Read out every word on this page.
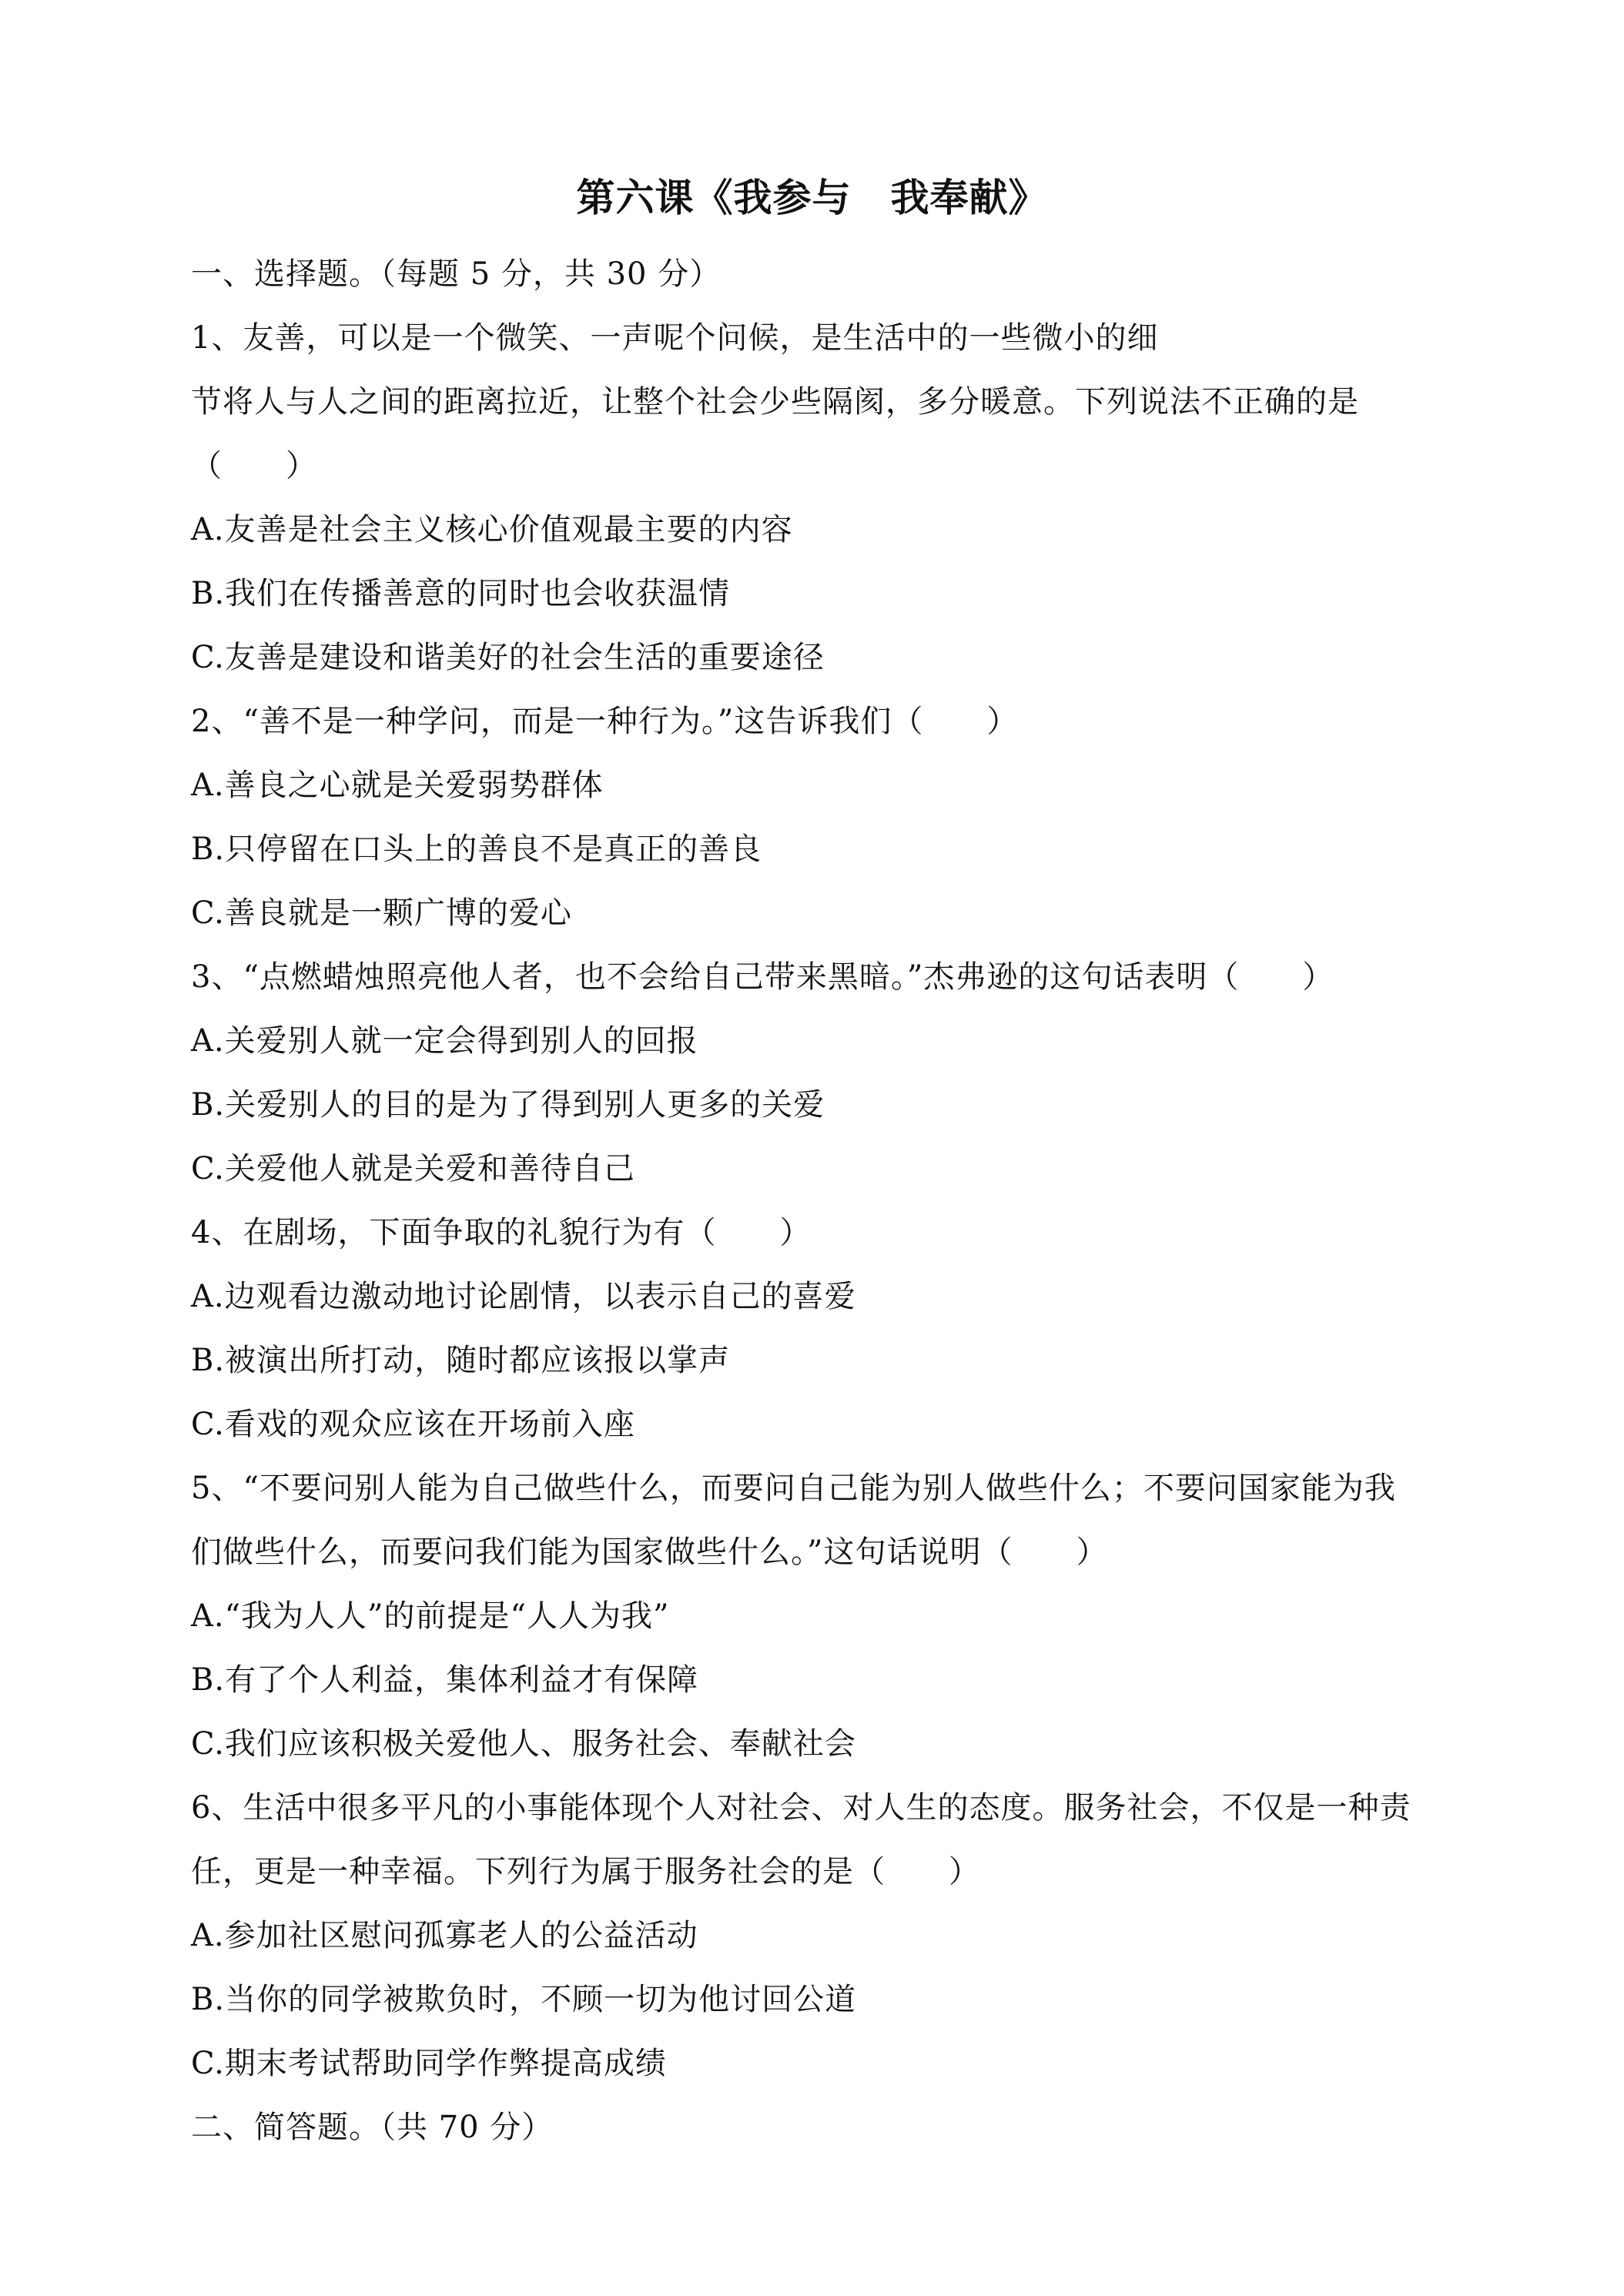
第六课《我参与　我奉献》
一、选择题。（每题 5 分，共 30 分）
1、友善，可以是一个微笑、一声呢个问候，是生活中的一些微小的细
节将人与人之间的距离拉近，让整个社会少些隔阂，多分暖意。下列说法不正确的是
（　　）
A.友善是社会主义核心价值观最主要的内容
B.我们在传播善意的同时也会收获温情
C.友善是建设和谐美好的社会生活的重要途径
2、“善不是一种学问，而是一种行为。”这告诉我们（　　）
A.善良之心就是关爱弱势群体
B.只停留在口头上的善良不是真正的善良
C.善良就是一颗广博的爱心
3、“点燃蜡烛照亮他人者，也不会给自己带来黑暗。”杰弗逊的这句话表明（　　）
A.关爱别人就一定会得到别人的回报
B.关爱别人的目的是为了得到别人更多的关爱
C.关爱他人就是关爱和善待自己
4、在剧场，下面争取的礼貌行为有（　　）
A.边观看边激动地讨论剧情，以表示自己的喜爱
B.被演出所打动，随时都应该报以掌声
C.看戏的观众应该在开场前入座
5、“不要问别人能为自己做些什么，而要问自己能为别人做些什么；不要问国家能为我
们做些什么，而要问我们能为国家做些什么。”这句话说明（　　）
A.“我为人人”的前提是“人人为我”
B.有了个人利益，集体利益才有保障
C.我们应该积极关爱他人、服务社会、奉献社会
6、生活中很多平凡的小事能体现个人对社会、对人生的态度。服务社会，不仅是一种责
任，更是一种幸福。下列行为属于服务社会的是（　　）
A.参加社区慰问孤寡老人的公益活动
B.当你的同学被欺负时，不顾一切为他讨回公道
C.期末考试帮助同学作弊提高成绩
二、简答题。（共 70 分）
